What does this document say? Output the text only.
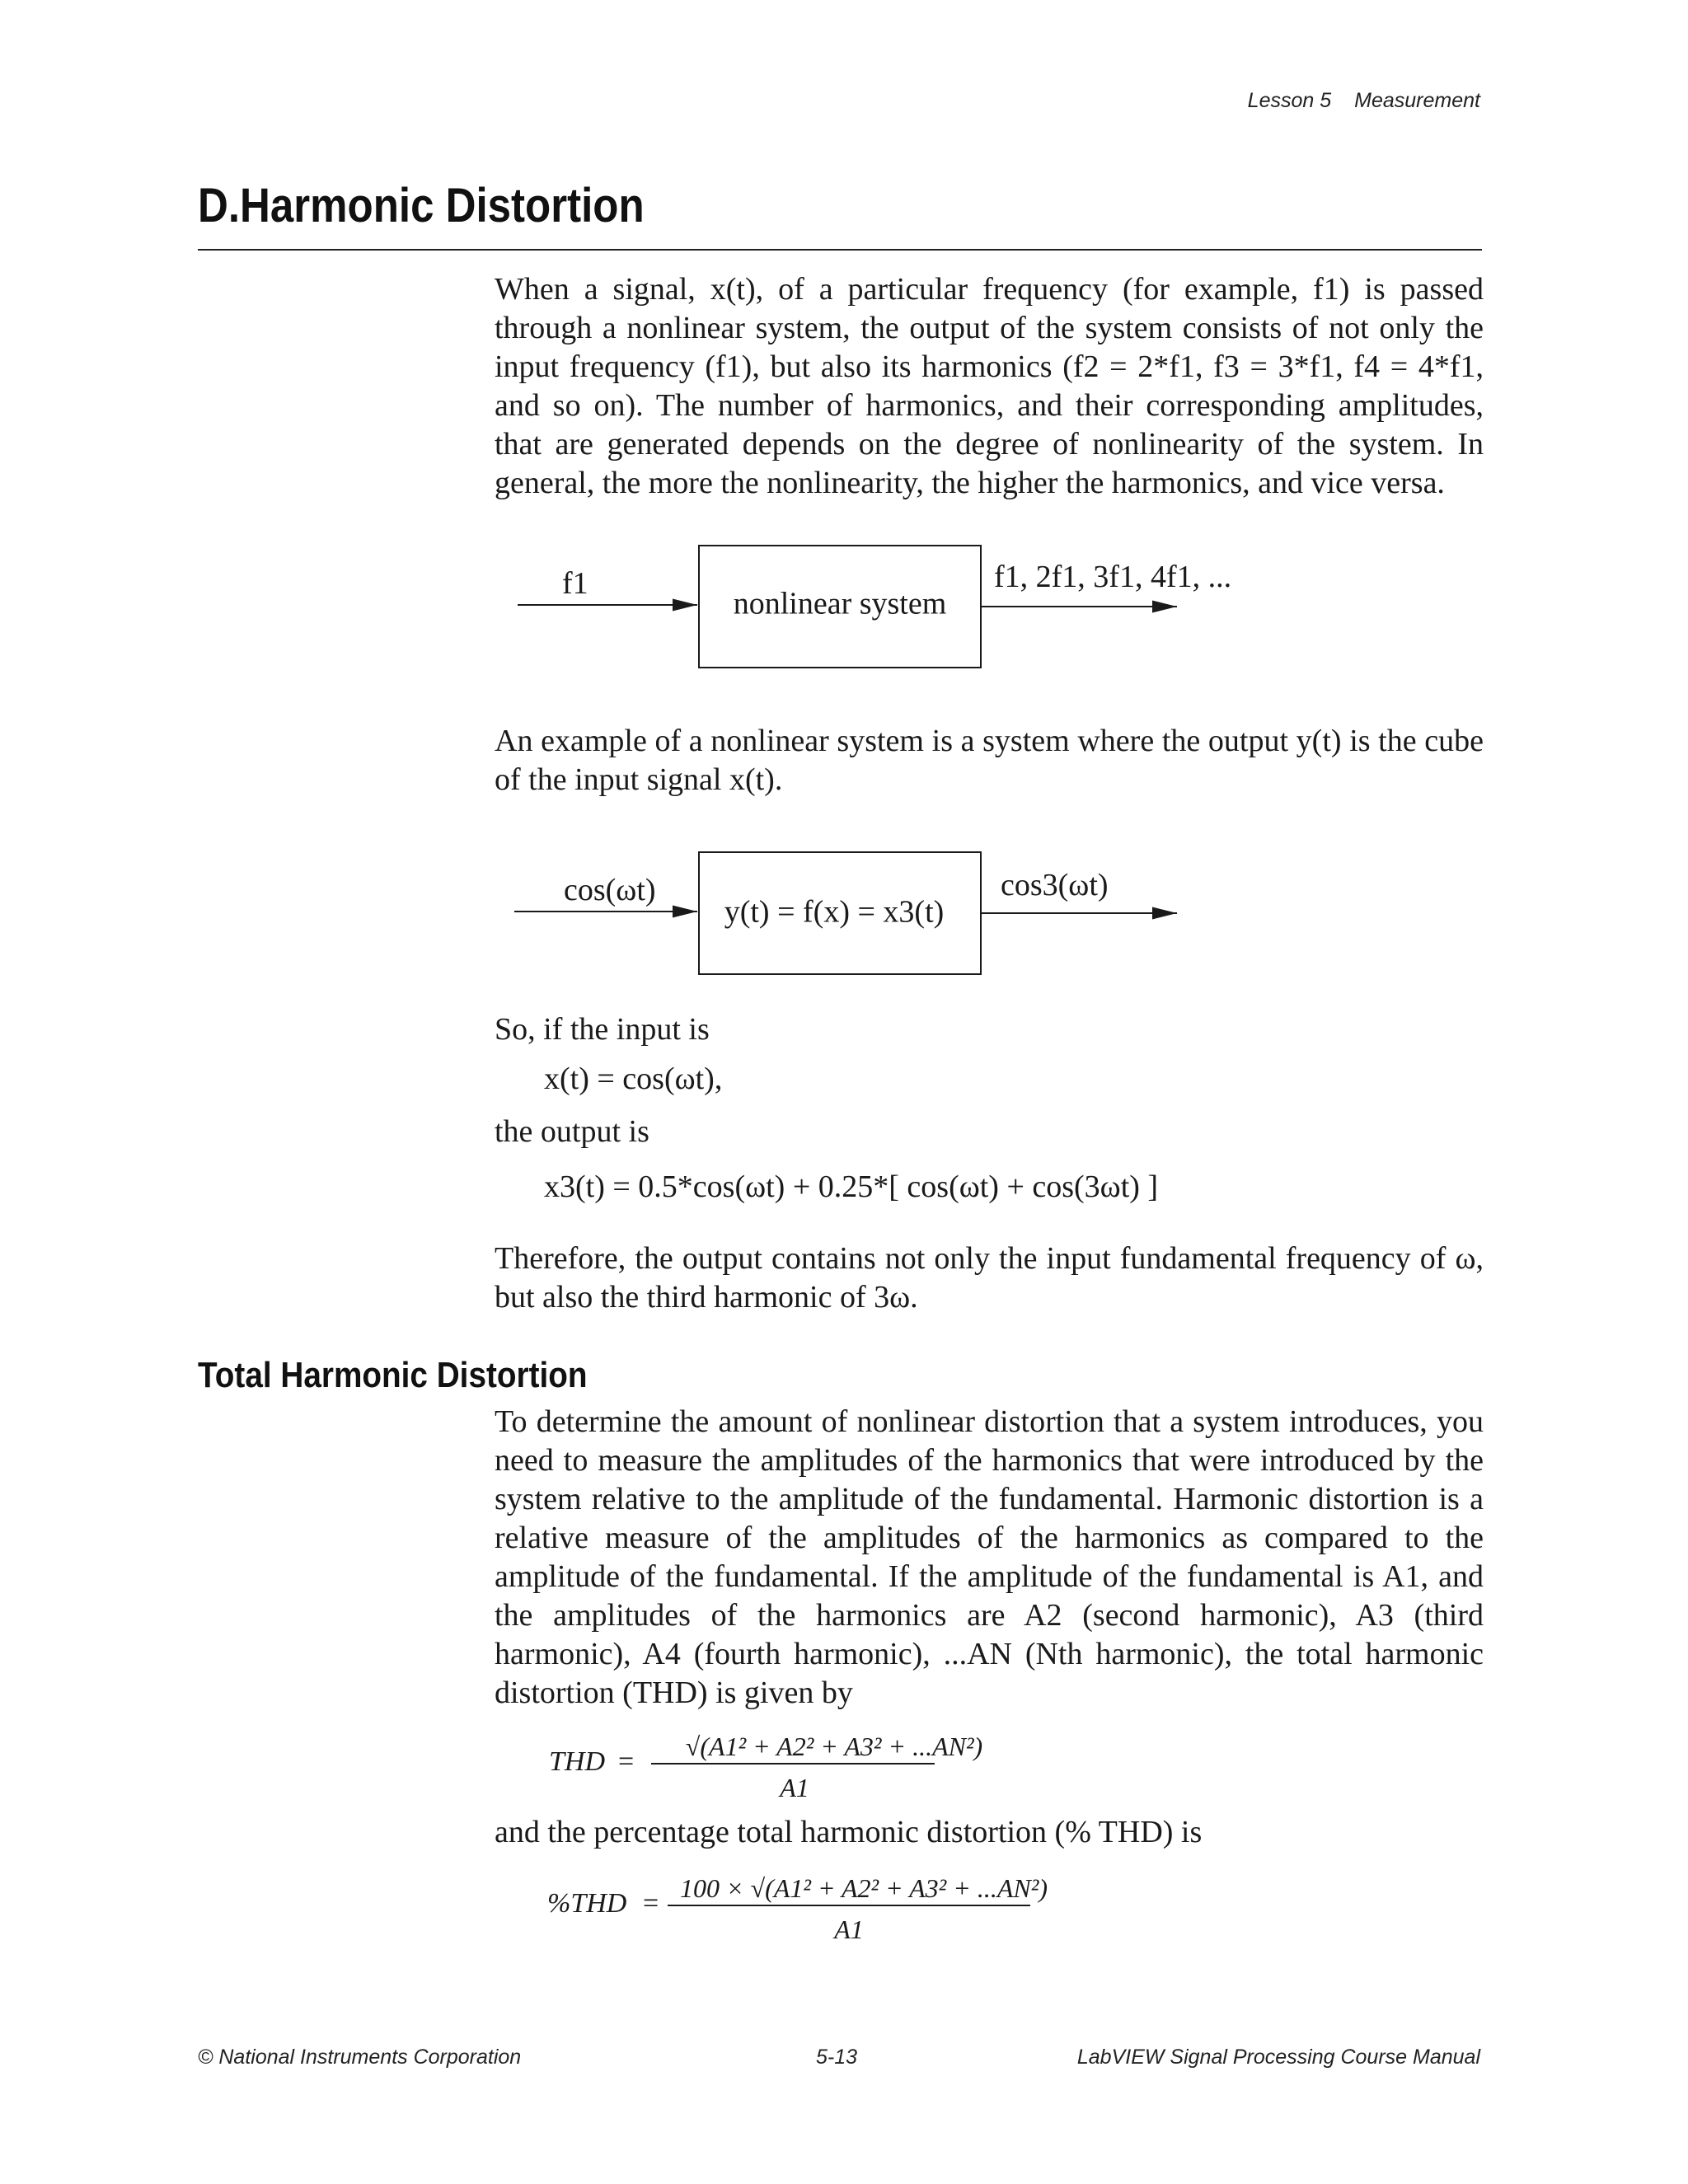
Lesson 5 Measurement
D.Harmonic Distortion

When a signal, x(t), of a particular frequency (for example, f1) is passed through a nonlinear system, the output of the system consists of not only the input frequency (f1), but also its harmonics (f2 = 2*f1, f3 = 3*f1, f4 = 4*f1, and so on). The number of harmonics, and their corresponding amplitudes, that are generated depends on the degree of nonlinearity of the system. In general, the more the nonlinearity, the higher the harmonics, and vice versa.

An example of a nonlinear system is a system where the output y(t) is the cube of the input signal x(t).

So, if the input is

x(t) = cos(ωt),

the output is

x3(t) = 0.5*cos(ωt) + 0.25*[ cos(ωt) + cos(3ωt) ]

Therefore, the output contains not only the input fundamental frequency of ω, but also the third harmonic of 3ω.

Total Harmonic Distortion

To determine the amount of nonlinear distortion that a system introduces, you need to measure the amplitudes of the harmonics that were introduced by the system relative to the amplitude of the fundamental. Harmonic distortion is a relative measure of the amplitudes of the harmonics as compared to the amplitude of the fundamental. If the amplitude of the fundamental is A1, and the amplitudes of the harmonics are A2 (second harmonic), A3 (third harmonic), A4 (fourth harmonic), ...AN (Nth harmonic), the total harmonic distortion (THD) is given by

and the percentage total harmonic distortion (% THD) is

f1
nonlinear system
f1, 2f1, 3f1, 4f1, ...
cos(ωt)
y(t) = f(x) = x3(t)
cos3(ωt)
THD = √(A1² + A2² + A3² + ...AN²)
A1
%THD = 100 × √(A1² + A2² + A3² + ...AN²)
A1
© National Instruments Corporation	5-13	LabVIEW Signal Processing Course Manual
